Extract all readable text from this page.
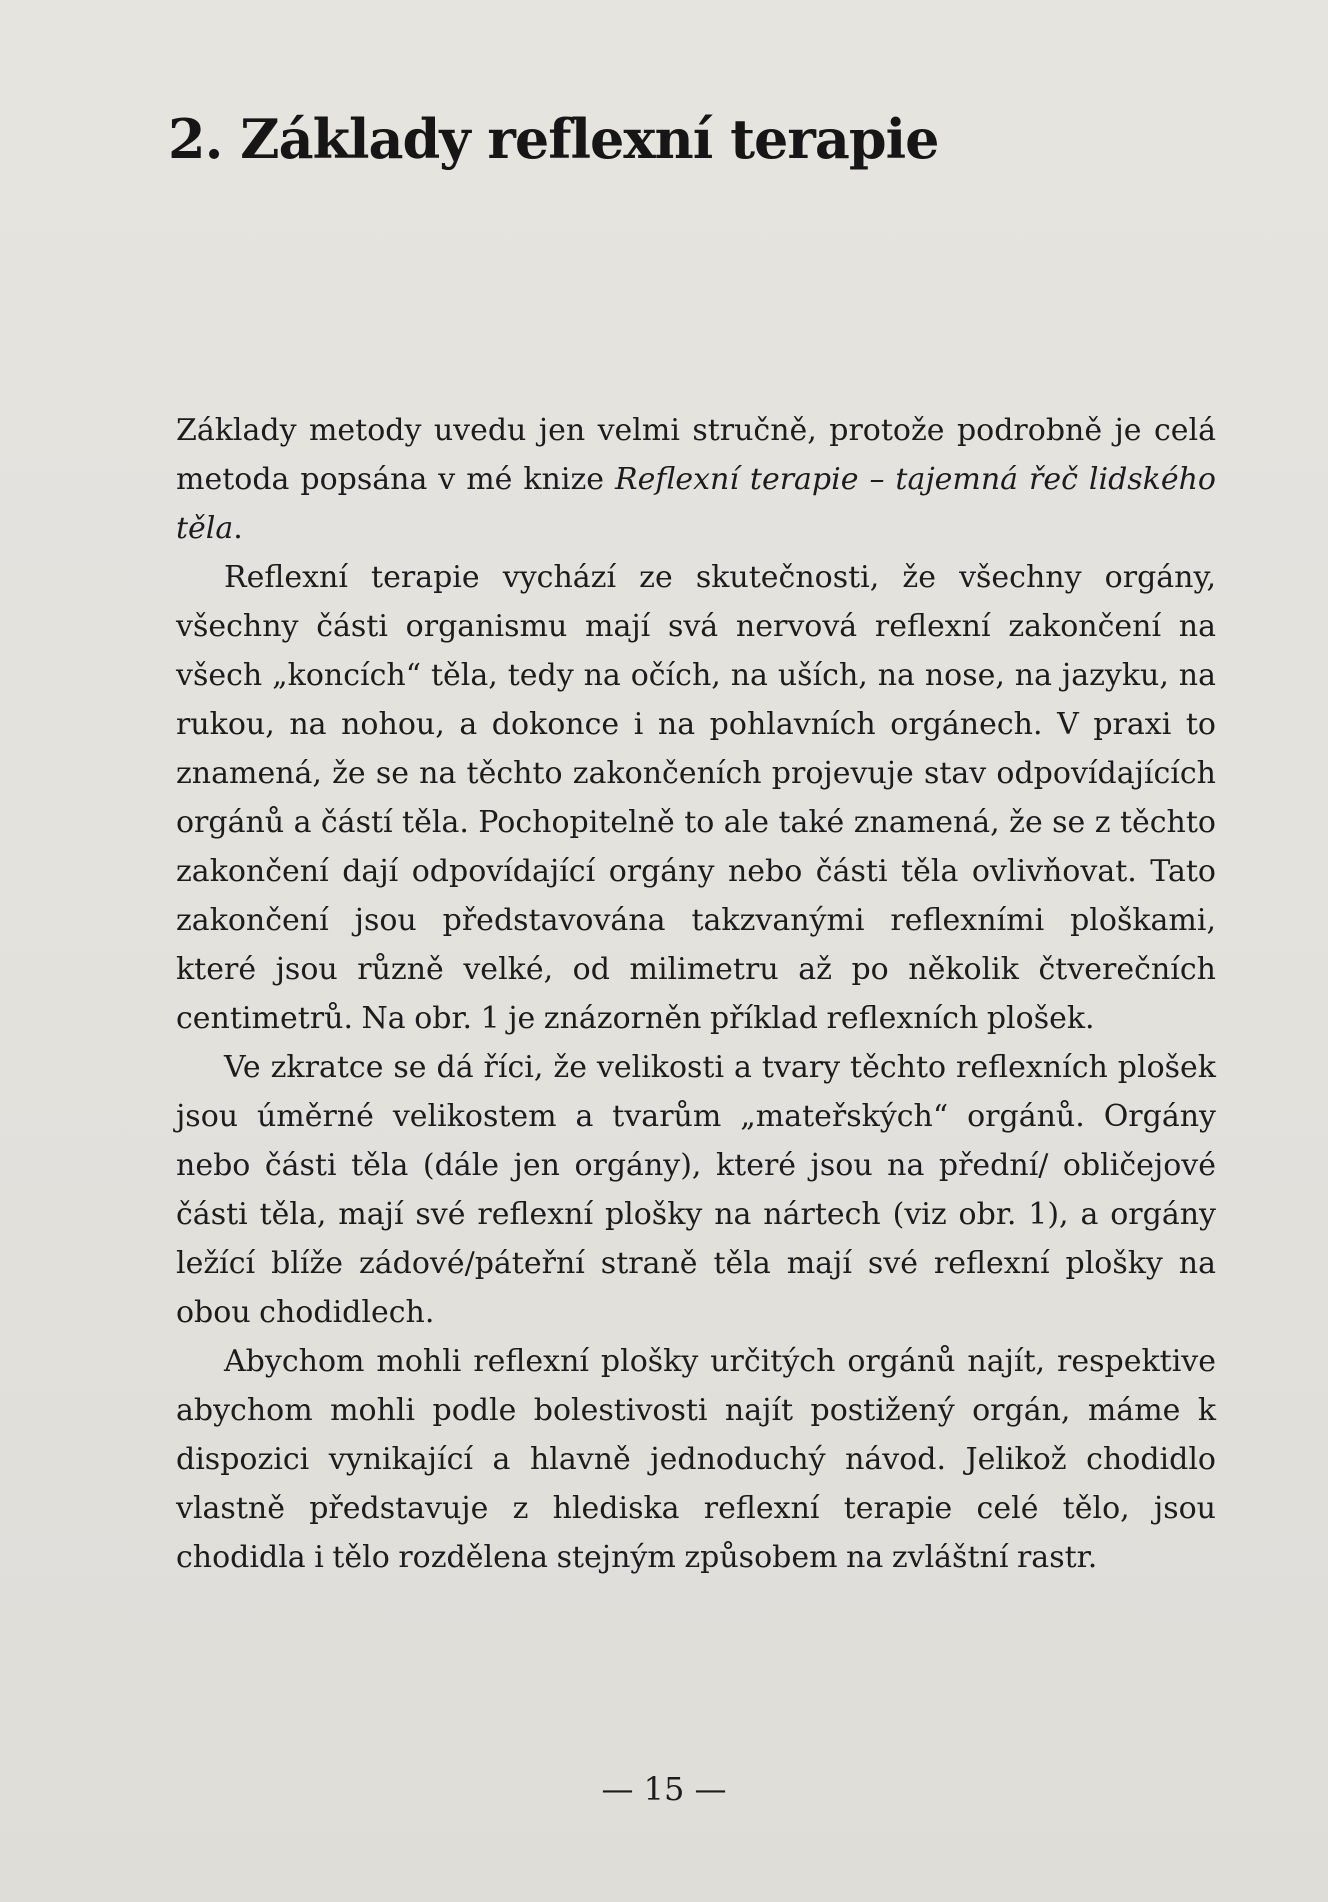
2. Základy reflexní terapie

Základy metody uvedu jen velmi stručně, protože podrobně je celá metoda popsána v mé knize Reflexní terapie – tajemná řeč lidského těla.

Reflexní terapie vychází ze skutečnosti, že všechny orgány, všechny části organismu mají svá nervová reflexní zakončení na všech „koncích“ těla, tedy na očích, na uších, na nose, na jazyku, na rukou, na nohou, a dokonce i na pohlavních orgánech. V praxi to znamená, že se na těchto zakončeních projevuje stav odpovídajících orgánů a částí těla. Pochopitelně to ale také znamená, že se z těchto zakončení dají odpovídající orgány nebo části těla ovlivňovat. Tato zakončení jsou představována takzvanými reflexními ploškami, které jsou různě velké, od milimetru až po několik čtverečních centimetrů. Na obr. 1 je znázorněn příklad reflexních plošek.

Ve zkratce se dá říci, že velikosti a tvary těchto reflexních plošek jsou úměrné velikostem a tvarům „mateřských“ orgánů. Orgány nebo části těla (dále jen orgány), které jsou na přední/ obličejové části těla, mají své reflexní plošky na nártech (viz obr. 1), a orgány ležící blíže zádové/páteřní straně těla mají své reflexní plošky na obou chodidlech.

Abychom mohli reflexní plošky určitých orgánů najít, respektive abychom mohli podle bolestivosti najít postižený orgán, máme k dispozici vynikající a hlavně jednoduchý návod. Jelikož chodidlo vlastně představuje z hlediska reflexní terapie celé tělo, jsou chodidla i tělo rozdělena stejným způsobem na zvláštní rastr.

— 15 —
